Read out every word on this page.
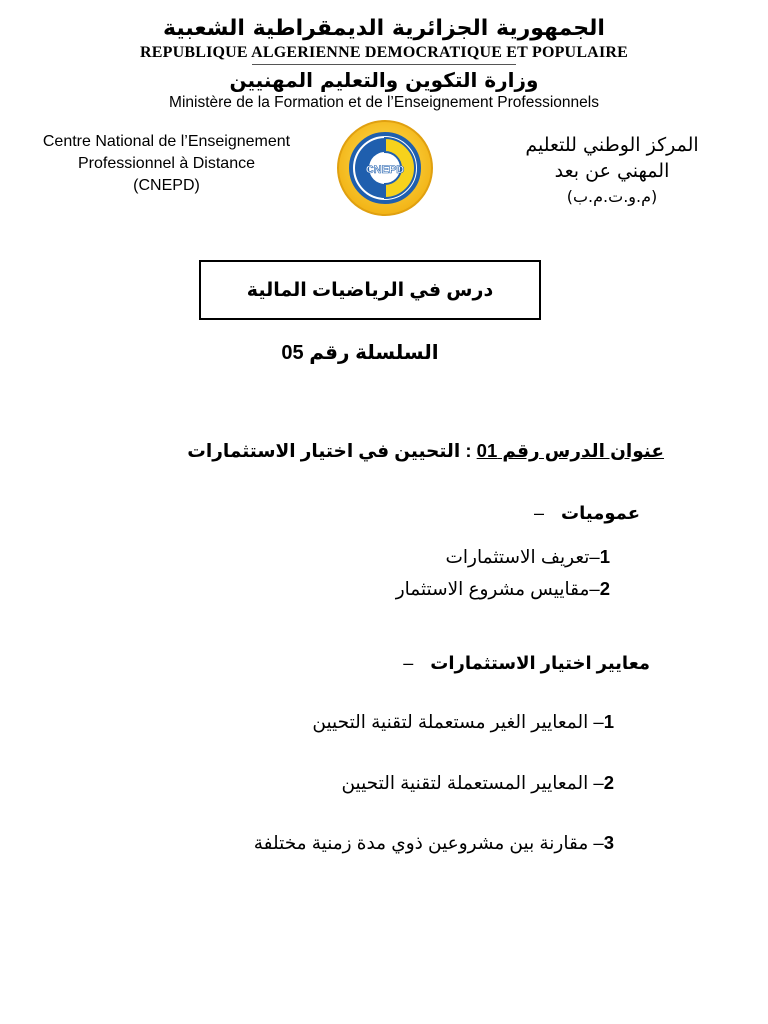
الجمهورية الجزائرية الديمقراطية الشعبية
REPUBLIQUE ALGERIENNE DEMOCRATIQUE ET POPULAIRE
وزارة التكوين والتعليم المهنيين
Ministère de la Formation et de l’Enseignement Professionnels
Centre National de l’Enseignement
Professionnel à Distance
(CNEPD)
المركز الوطني للتعليم
المهني عن بعد
(م.و.ت.م.ب)
CNEPD
درس في الرياضيات المالية
السلسلة رقم 05
عنوان الدرس رقم 01 : التحيين في اختيار الاستثمارات
عموميات–
1–تعريف الاستثمارات
2–مقاييس مشروع الاستثمار
معايير اختيار الاستثمارات–
1– المعايير الغير مستعملة لتقنية التحيين
2– المعايير المستعملة لتقنية التحيين
3– مقارنة بين مشروعين ذوي مدة زمنية مختلفة
